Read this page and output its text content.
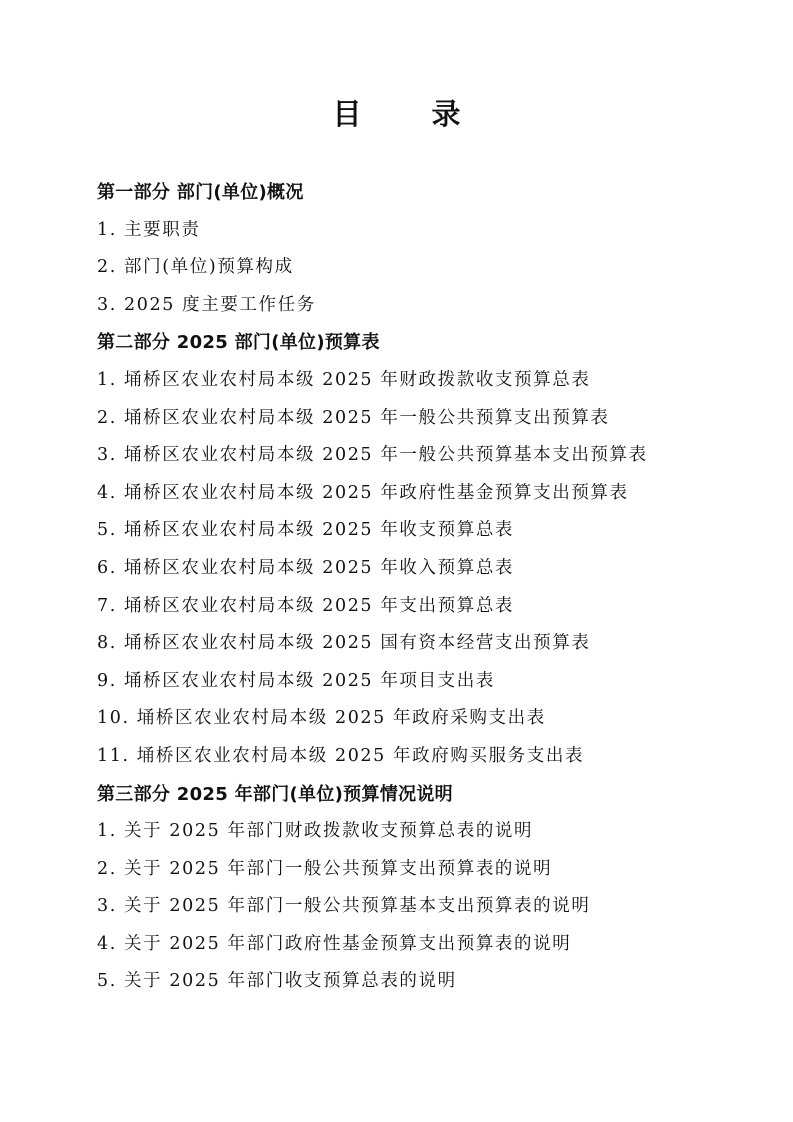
目 录
第一部分 部门(单位)概况
1. 主要职责
2. 部门(单位)预算构成
3. 2025 度主要工作任务
第二部分 2025 部门(单位)预算表
1. 埇桥区农业农村局本级 2025 年财政拨款收支预算总表
2. 埇桥区农业农村局本级 2025 年一般公共预算支出预算表
3. 埇桥区农业农村局本级 2025 年一般公共预算基本支出预算表
4. 埇桥区农业农村局本级 2025 年政府性基金预算支出预算表
5. 埇桥区农业农村局本级 2025 年收支预算总表
6. 埇桥区农业农村局本级 2025 年收入预算总表
7. 埇桥区农业农村局本级 2025 年支出预算总表
8. 埇桥区农业农村局本级 2025 国有资本经营支出预算表
9. 埇桥区农业农村局本级 2025 年项目支出表
10. 埇桥区农业农村局本级 2025 年政府采购支出表
11. 埇桥区农业农村局本级 2025 年政府购买服务支出表
第三部分 2025 年部门(单位)预算情况说明
1. 关于 2025 年部门财政拨款收支预算总表的说明
2. 关于 2025 年部门一般公共预算支出预算表的说明
3. 关于 2025 年部门一般公共预算基本支出预算表的说明
4. 关于 2025 年部门政府性基金预算支出预算表的说明
5. 关于 2025 年部门收支预算总表的说明
